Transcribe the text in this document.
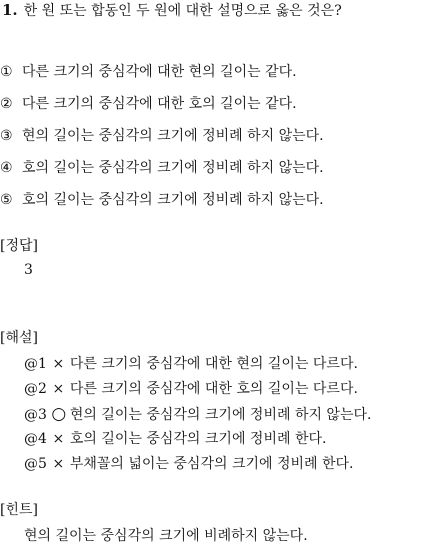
1. 한 원 또는 합동인 두 원에 대한 설명으로 옳은 것은?
① 다른 크기의 중심각에 대한 현의 길이는 같다.
② 다른 크기의 중심각에 대한 호의 길이는 같다.
③ 현의 길이는 중심각의 크기에 정비례 하지 않는다.
④ 호의 길이는 중심각의 크기에 정비례 하지 않는다.
⑤ 호의 길이는 중심각의 크기에 정비례 하지 않는다.
[정답]
3
[해설]
@1 × 다른 크기의 중심각에 대한 현의 길이는 다르다.
@2 × 다른 크기의 중심각에 대한 호의 길이는 다르다.
@3 ○ 현의 길이는 중심각의 크기에 정비례 하지 않는다.
@4 × 호의 길이는 중심각의 크기에 정비례 한다.
@5 × 부채꼴의 넓이는 중심각의 크기에 정비례 한다.
[힌트]
현의 길이는 중심각의 크기에 비례하지 않는다.
